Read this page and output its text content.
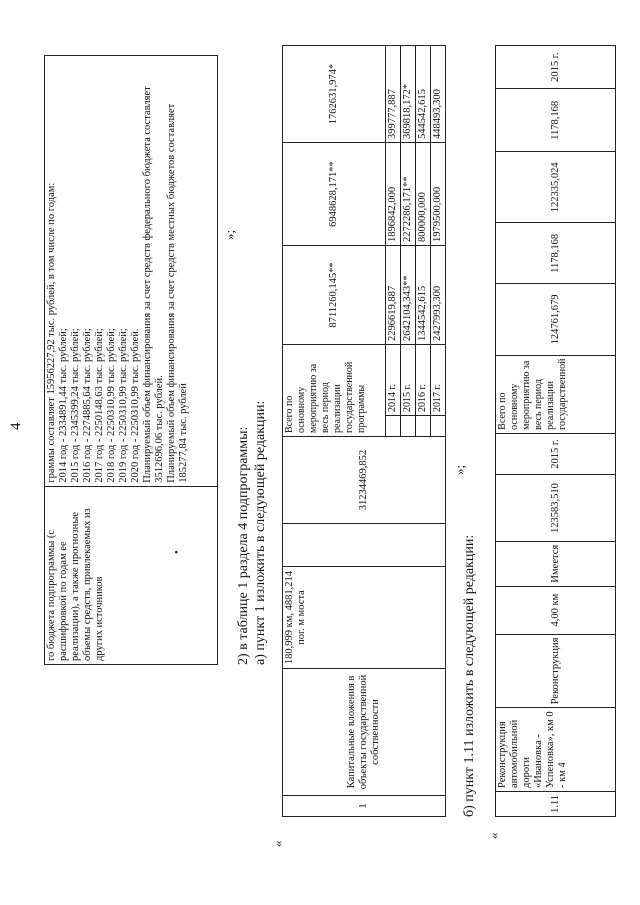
4
го бюджета подпрограммы (с расшифровкой по годам ее реализации), а также прогнозные объемы средств, привлекаемых из других источников
•

граммы составляет 15956227,92 тыс. рублей, в том числе по годам: 2014 год - 2334891,44 тыс. рублей; 2015 год - 2345399,24 тыс. рублей; 2016 год - 2274885,64 тыс. рублей; 2017 год - 2250148,63 тыс. рублей; 2018 год - 2250310,99 тыс. рублей; 2019 год - 2250310,99 тыс. рублей; 2020 год - 2250310,99 тыс. рублей. Планируемый объем финансирования за счет средств федерального бюджета составляет 3512696,06 тыс. рублей. Планируемый объем финансирования за счет средств местных бюджетов составляет 185277,84 тыс. рублей
»;
2) в таблице 1 раздела 4 подпрограммы: а) пункт 1 изложить в следующей редакции:
«
1	Капитальные вложения в объекты государственной собственности	180,999 км, 4881,214 пог. м моста		31234469,852	Всего по основному мероприятию за весь период реализации государственной программы		8711260,145**	6948628,171**	1762631,974*
						2014 г.	2296619,887	1896842,000	399777,887
						2015 г.	2642104,343**	2272286,171**	369818,172*
						2016 г.	1344542,615	800000,000	544542,615
						2017 г.	2427993,300	1979500,000	448493,300
»;
б) пункт 1.11 изложить в следующей редакции:
«
1.11	Реконструкция автомобильной дороги «Ивановка - Успеновка», км 0 - км 4	Реконструкция	4,00 км	Имеется	123583,510	2015 г.	Всего по основному мероприятию за весь период реализации государственной	124761,679	1178,168	122335,024	1178,168	2015 г.
